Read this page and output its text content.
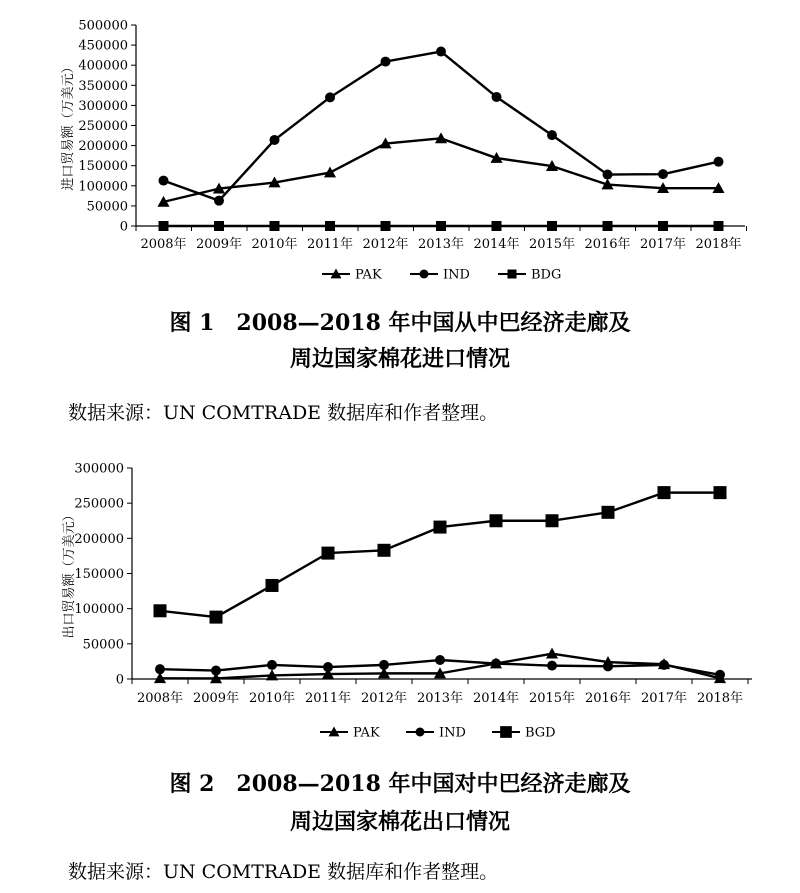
0
50000
100000
150000
200000
250000
300000
350000
400000
450000
500000
2008年 2009年 2010年 2011年 2012年 2013年 2014年 2015年 2016年 2017年 2018年
进口贸易额（万美元）
PAK	IND	BDG
图 1　2008—2018 年中国从中巴经济走廊及
周边国家棉花进口情况
数据来源：UN COMTRADE 数据库和作者整理。
0
50000
100000
150000
200000
250000
300000
2008年 2009年 2010年 2011年 2012年 2013年 2014年 2015年 2016年 2017年 2018年
出口贸易额（万美元）
PAK	IND	BGD
图 2　2008—2018 年中国对中巴经济走廊及
周边国家棉花出口情况
数据来源：UN COMTRADE 数据库和作者整理。
